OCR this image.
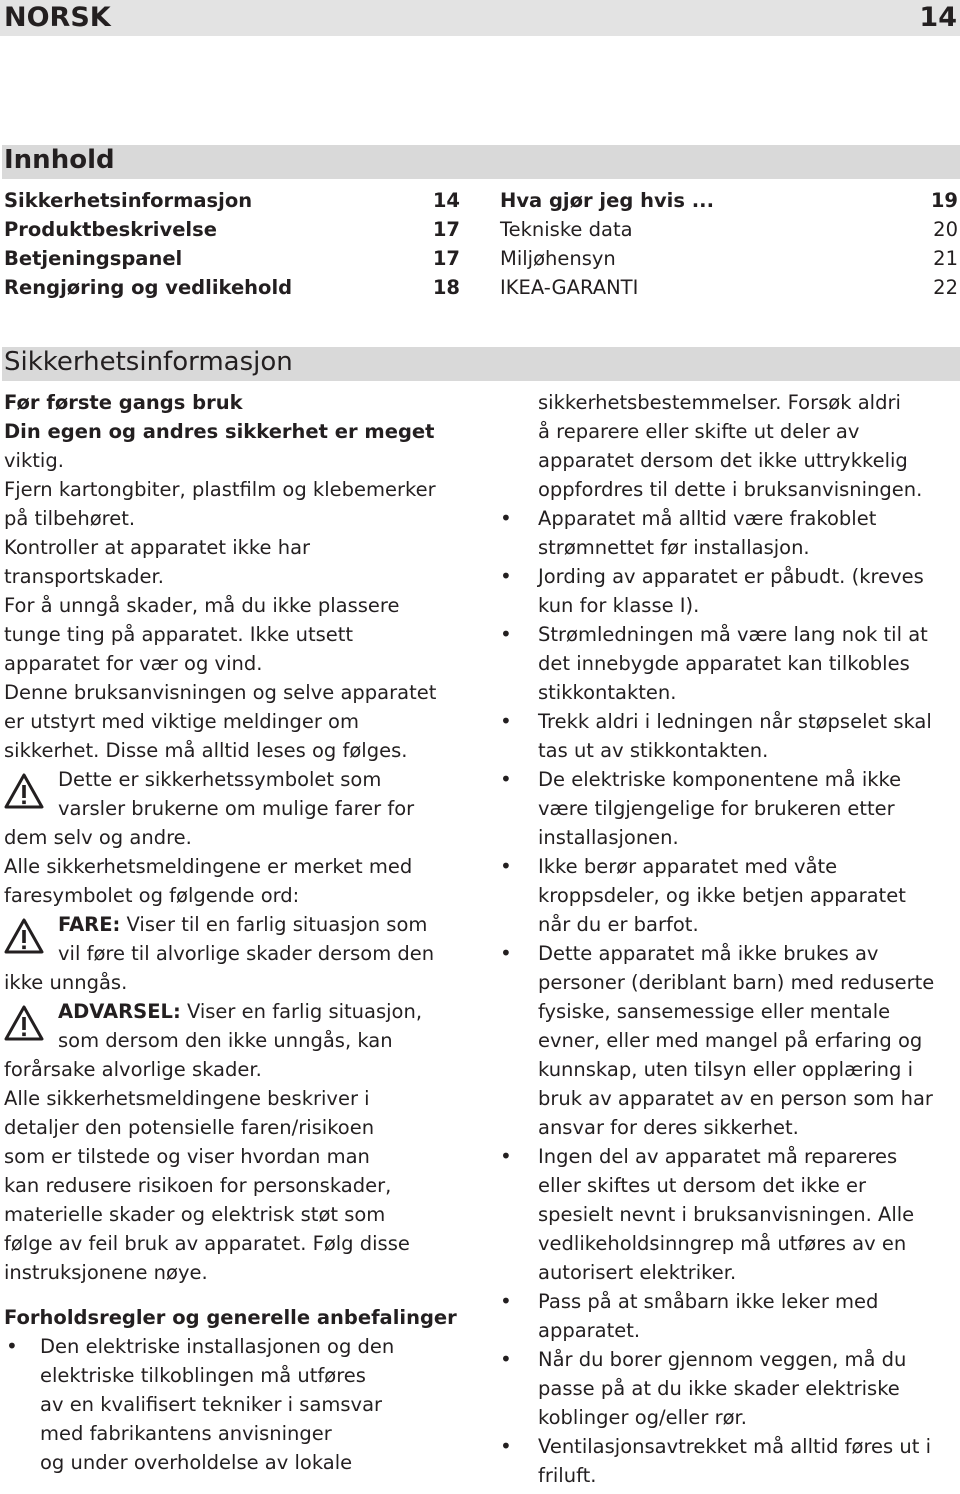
NORSK	14
Innhold
Sikkerhetsinformasjon	14
Produktbeskrivelse	17
Betjeningspanel	17
Rengjøring og vedlikehold	18
Hva gjør jeg hvis ...	19
Tekniske data	20
Miljøhensyn	21
IKEA-GARANTI	22
Sikkerhetsinformasjon
Før første gangs bruk
Din egen og andres sikkerhet er meget
viktig.
Fjern kartongbiter, plastfilm og klebemerker
på tilbehøret.
Kontroller at apparatet ikke har
transportskader.
For å unngå skader, må du ikke plassere
tunge ting på apparatet. Ikke utsett
apparatet for vær og vind.
Denne bruksanvisningen og selve apparatet
er utstyrt med viktige meldinger om
sikkerhet. Disse må alltid leses og følges.
Dette er sikkerhetssymbolet som
varsler brukerne om mulige farer for
dem selv og andre.
Alle sikkerhetsmeldingene er merket med
faresymbolet og følgende ord:
FARE: Viser til en farlig situasjon som
vil føre til alvorlige skader dersom den
ikke unngås.
ADVARSEL: Viser en farlig situasjon,
som dersom den ikke unngås, kan
forårsake alvorlige skader.
Alle sikkerhetsmeldingene beskriver i
detaljer den potensielle faren/risikoen
som er tilstede og viser hvordan man
kan redusere risikoen for personskader,
materielle skader og elektrisk støt som
følge av feil bruk av apparatet. Følg disse
instruksjonene nøye.
Forholdsregler og generelle anbefalinger
•	Den elektriske installasjonen og den
elektriske tilkoblingen må utføres
av en kvalifisert tekniker i samsvar
med fabrikantens anvisninger
og under overholdelse av lokale
sikkerhetsbestemmelser. Forsøk aldri
å reparere eller skifte ut deler av
apparatet dersom det ikke uttrykkelig
oppfordres til dette i bruksanvisningen.
• Apparatet må alltid være frakoblet
strømnettet før installasjon.
• Jording av apparatet er påbudt. (kreves
kun for klasse I).
• Strømledningen må være lang nok til at
det innebygde apparatet kan tilkobles
stikkontakten.
• Trekk aldri i ledningen når støpselet skal
tas ut av stikkontakten.
• De elektriske komponentene må ikke
være tilgjengelige for brukeren etter
installasjonen.
• Ikke berør apparatet med våte
kroppsdeler, og ikke betjen apparatet
når du er barfot.
• Dette apparatet må ikke brukes av
personer (deriblant barn) med reduserte
fysiske, sansemessige eller mentale
evner, eller med mangel på erfaring og
kunnskap, uten tilsyn eller opplæring i
bruk av apparatet av en person som har
ansvar for deres sikkerhet.
• Ingen del av apparatet må repareres
eller skiftes ut dersom det ikke er
spesielt nevnt i bruksanvisningen. Alle
vedlikeholdsinngrep må utføres av en
autorisert elektriker.
• Pass på at småbarn ikke leker med
apparatet.
• Når du borer gjennom veggen, må du
passe på at du ikke skader elektriske
koblinger og/eller rør.
• Ventilasjonsavtrekket må alltid føres ut i
friluft.
